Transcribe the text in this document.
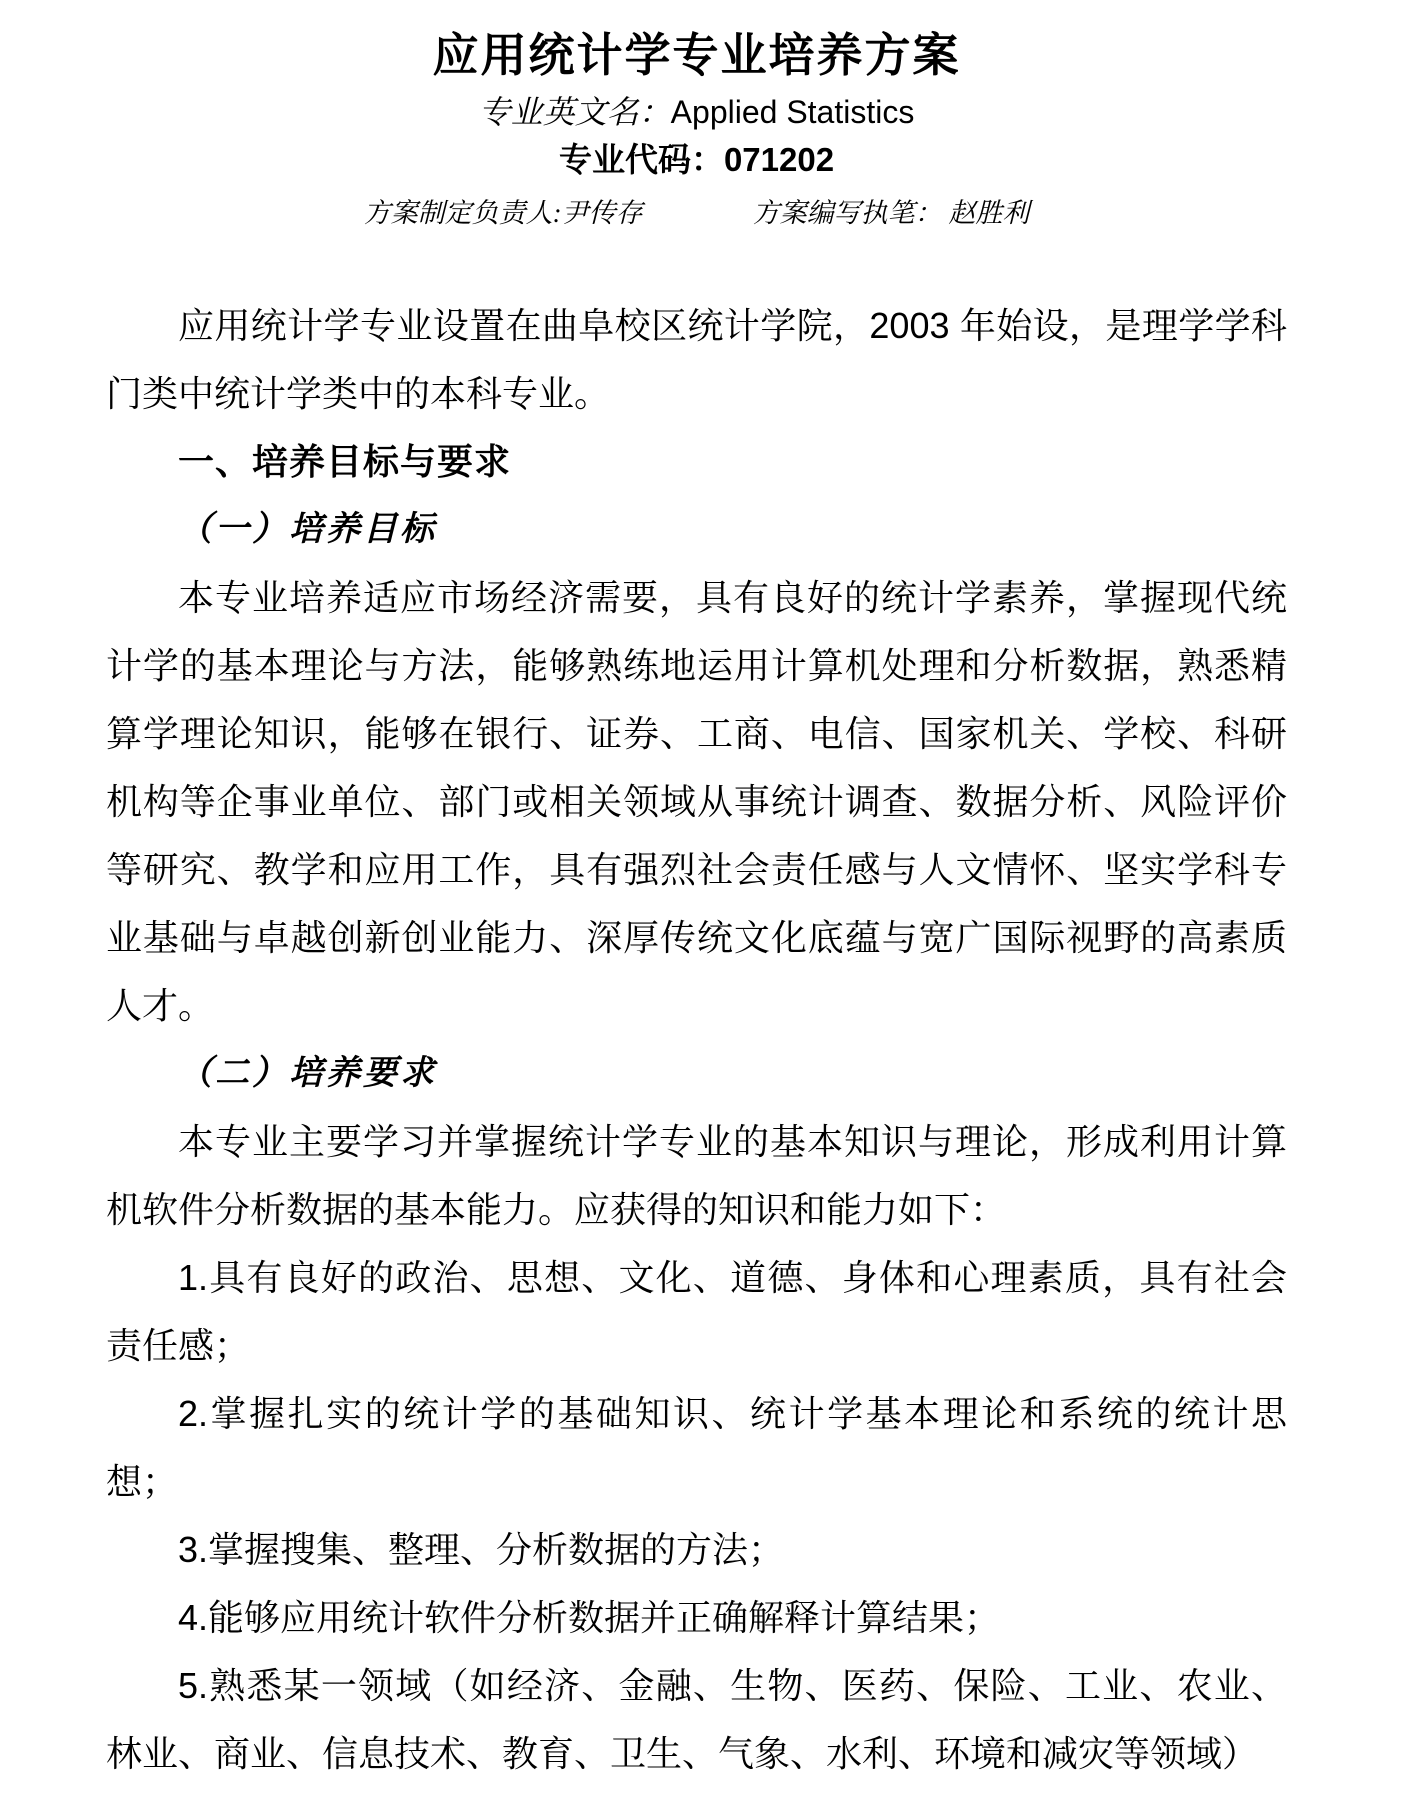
应用统计学专业培养方案
专业英文名：Applied Statistics
专业代码：071202
方案制定负责人:尹传存	方案编写执笔： 赵胜利

应用统计学专业设置在曲阜校区统计学院，2003 年始设，是理学学科门类中统计学类中的本科专业。

一、培养目标与要求

（一）培养目标

本专业培养适应市场经济需要，具有良好的统计学素养，掌握现代统计学的基本理论与方法，能够熟练地运用计算机处理和分析数据，熟悉精算学理论知识，能够在银行、证券、工商、电信、国家机关、学校、科研机构等企事业单位、部门或相关领域从事统计调查、数据分析、风险评价等研究、教学和应用工作，具有强烈社会责任感与人文情怀、坚实学科专业基础与卓越创新创业能力、深厚传统文化底蕴与宽广国际视野的高素质人才。

（二）培养要求

本专业主要学习并掌握统计学专业的基本知识与理论，形成利用计算机软件分析数据的基本能力。应获得的知识和能力如下：

1.具有良好的政治、思想、文化、道德、身体和心理素质，具有社会责任感；

2.掌握扎实的统计学的基础知识、统计学基本理论和系统的统计思想；

3.掌握搜集、整理、分析数据的方法；

4.能够应用统计软件分析数据并正确解释计算结果；

5.熟悉某一领域（如经济、金融、生物、医药、保险、工业、农业、林业、商业、信息技术、教育、卫生、气象、水利、环境和减灾等领域）
